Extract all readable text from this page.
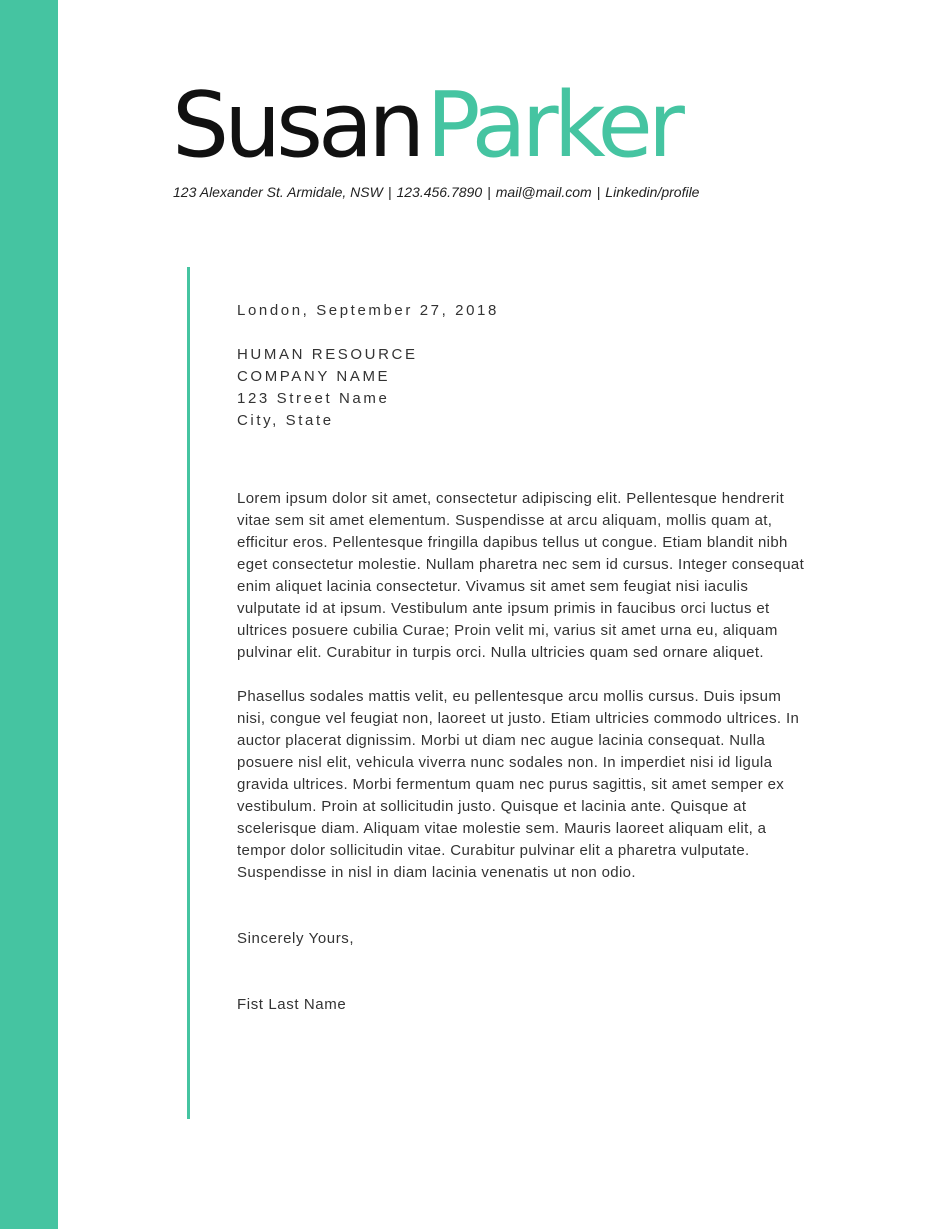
SusanParker
123 Alexander St. Armidale, NSW | 123.456.7890 | mail@mail.com | Linkedin/profile
London, September 27, 2018
HUMAN RESOURCE
COMPANY NAME
123 Street Name
City, State

Lorem ipsum dolor sit amet, consectetur adipiscing elit. Pellentesque hendrerit vitae sem sit amet elementum. Suspendisse at arcu aliquam, mollis quam at, efficitur eros. Pellentesque fringilla dapibus tellus ut congue. Etiam blandit nibh eget consectetur molestie. Nullam pharetra nec sem id cursus. Integer consequat enim aliquet lacinia consectetur. Vivamus sit amet sem feugiat nisi iaculis vulputate id at ipsum. Vestibulum ante ipsum primis in faucibus orci luctus et ultrices posuere cubilia Curae; Proin velit mi, varius sit amet urna eu, aliquam pulvinar elit. Curabitur in turpis orci. Nulla ultricies quam sed ornare aliquet.

Phasellus sodales mattis velit, eu pellentesque arcu mollis cursus. Duis ipsum nisi, congue vel feugiat non, laoreet ut justo. Etiam ultricies commodo ultrices. In auctor placerat dignissim. Morbi ut diam nec augue lacinia consequat. Nulla posuere nisl elit, vehicula viverra nunc sodales non. In imperdiet nisi id ligula gravida ultrices. Morbi fermentum quam nec purus sagittis, sit amet semper ex vestibulum. Proin at sollicitudin justo. Quisque et lacinia ante. Quisque at scelerisque diam. Aliquam vitae molestie sem. Mauris laoreet aliquam elit, a tempor dolor sollicitudin vitae. Curabitur pulvinar elit a pharetra vulputate. Suspendisse in nisl in diam lacinia venenatis ut non odio.

Sincerely Yours,
Fist Last Name
